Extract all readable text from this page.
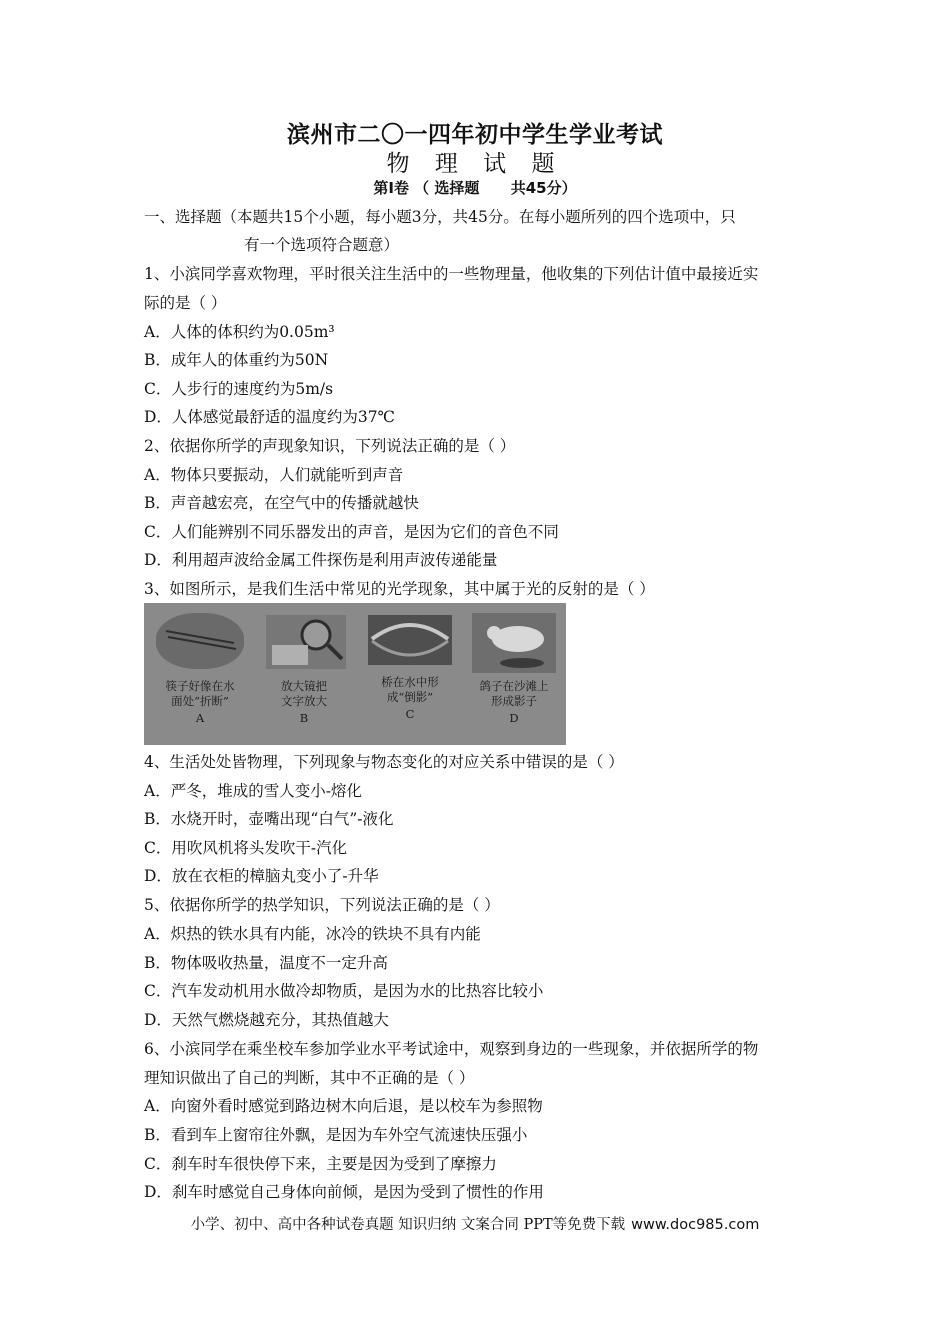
滨州市二〇一四年初中学生学业考试
物 理 试 题
第Ⅰ卷 （ 选择题      共45分）
一、选择题（本题共15个小题，每小题3分，共45分。在每小题所列的四个选项中，只
有一个选项符合题意）
1、小滨同学喜欢物理，平时很关注生活中的一些物理量，他收集的下列估计值中最接近实
际的是（ ）
A．人体的体积约为0.05m³
B．成年人的体重约为50N
C．人步行的速度约为5m/s
D．人体感觉最舒适的温度约为37℃
2、依据你所学的声现象知识，下列说法正确的是（ ）
A．物体只要振动，人们就能听到声音
B．声音越宏亮，在空气中的传播就越快
C．人们能辨别不同乐器发出的声音，是因为它们的音色不同
D．利用超声波给金属工件探伤是利用声波传递能量
3、如图所示，是我们生活中常见的光学现象，其中属于光的反射的是（ ）
筷子好像在水
面处“折断”
A
放大镜把
文字放大
B
桥在水中形
成“倒影”
C
鸽子在沙滩上
形成影子
D
4、生活处处皆物理，下列现象与物态变化的对应关系中错误的是（ ）
A．严冬，堆成的雪人变小-熔化
B．水烧开时，壶嘴出现“白气”-液化
C．用吹风机将头发吹干-汽化
D．放在衣柜的樟脑丸变小了-升华
5、依据你所学的热学知识，下列说法正确的是（ ）
A．炽热的铁水具有内能，冰冷的铁块不具有内能
B．物体吸收热量，温度不一定升高
C．汽车发动机用水做冷却物质，是因为水的比热容比较小
D．天然气燃烧越充分，其热值越大
6、小滨同学在乘坐校车参加学业水平考试途中，观察到身边的一些现象，并依据所学的物
理知识做出了自己的判断，其中不正确的是（ ）
A．向窗外看时感觉到路边树木向后退，是以校车为参照物
B．看到车上窗帘往外飘，是因为车外空气流速快压强小
C．刹车时车很快停下来，主要是因为受到了摩擦力
D．刹车时感觉自己身体向前倾，是因为受到了惯性的作用
小学、初中、高中各种试卷真题 知识归纳 文案合同 PPT等免费下载 www.doc985.com
